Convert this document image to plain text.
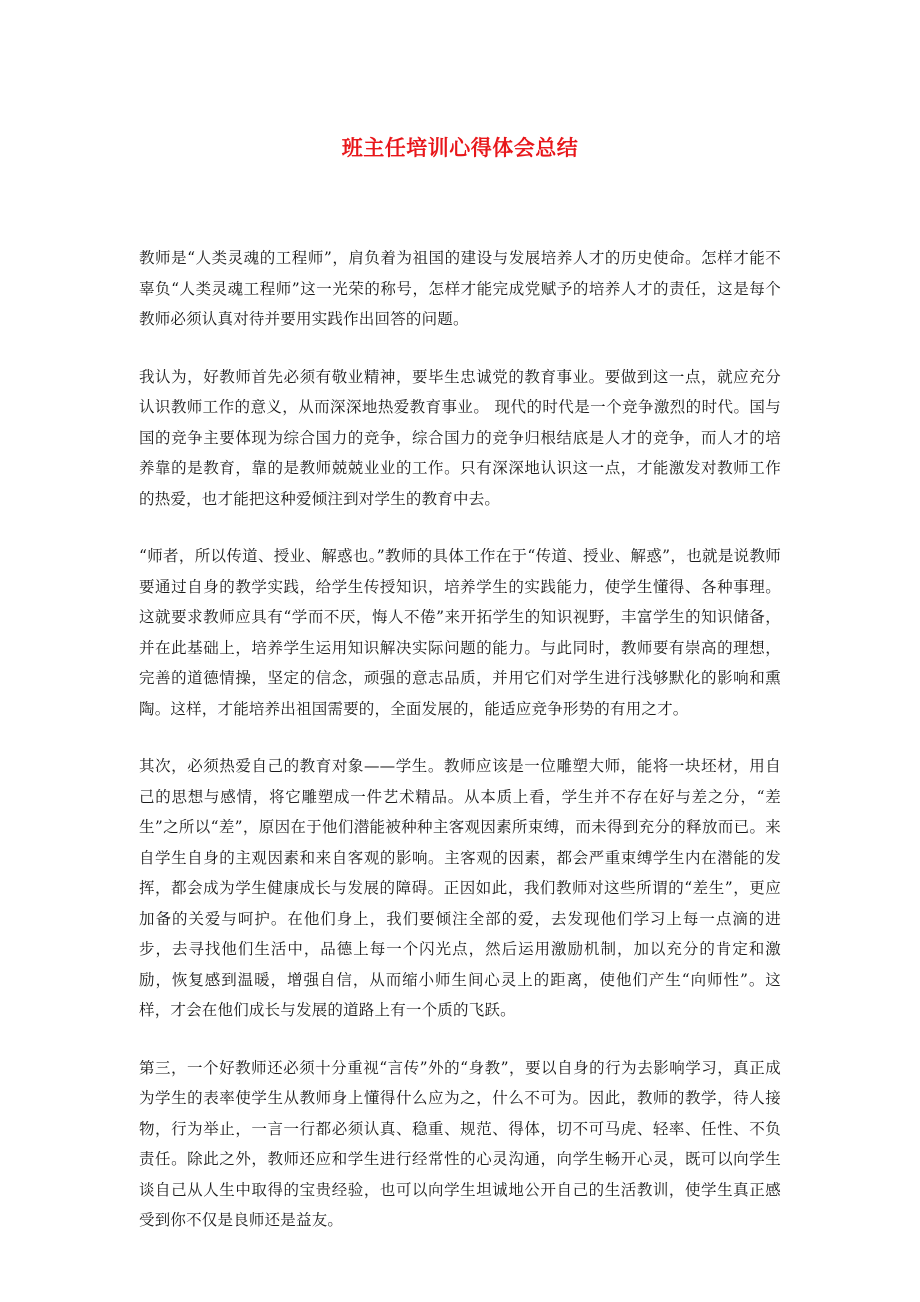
班主任培训心得体会总结

教师是“人类灵魂的工程师”，肩负着为祖国的建设与发展培养人才的历史使命。怎样才能不辜负“人类灵魂工程师”这一光荣的称号，怎样才能完成党赋予的培养人才的责任，这是每个教师必须认真对待并要用实践作出回答的问题。

我认为，好教师首先必须有敬业精神，要毕生忠诚党的教育事业。要做到这一点，就应充分认识教师工作的意义，从而深深地热爱教育事业。 现代的时代是一个竞争激烈的时代。国与国的竞争主要体现为综合国力的竞争，综合国力的竞争归根结底是人才的竞争，而人才的培养靠的是教育，靠的是教师兢兢业业的工作。只有深深地认识这一点，才能激发对教师工作的热爱，也才能把这种爱倾注到对学生的教育中去。

“师者，所以传道、授业、解惑也。”教师的具体工作在于“传道、授业、解惑”，也就是说教师要通过自身的教学实践，给学生传授知识，培养学生的实践能力，使学生懂得、各种事理。这就要求教师应具有“学而不厌，悔人不倦”来开拓学生的知识视野，丰富学生的知识储备，并在此基础上，培养学生运用知识解决实际问题的能力。与此同时，教师要有崇高的理想，完善的道德情操，坚定的信念，顽强的意志品质，并用它们对学生进行浅够默化的影响和熏陶。这样，才能培养出祖国需要的，全面发展的，能适应竞争形势的有用之才。

其次，必须热爱自己的教育对象——学生。教师应该是一位雕塑大师，能将一块坯材，用自己的思想与感情，将它雕塑成一件艺术精品。从本质上看，学生并不存在好与差之分，“差生”之所以“差”，原因在于他们潜能被种种主客观因素所束缚，而未得到充分的释放而已。来自学生自身的主观因素和来自客观的影响。主客观的因素，都会严重束缚学生内在潜能的发挥，都会成为学生健康成长与发展的障碍。正因如此，我们教师对这些所谓的“差生”，更应加备的关爱与呵护。在他们身上，我们要倾注全部的爱，去发现他们学习上每一点滴的进步，去寻找他们生活中，品德上每一个闪光点，然后运用激励机制，加以充分的肯定和激励，恢复感到温暖，增强自信，从而缩小师生间心灵上的距离，使他们产生“向师性”。这样，才会在他们成长与发展的道路上有一个质的飞跃。

第三，一个好教师还必须十分重视“言传”外的“身教”，要以自身的行为去影响学习，真正成为学生的表率使学生从教师身上懂得什么应为之，什么不可为。因此，教师的教学，待人接物，行为举止，一言一行都必须认真、稳重、规范、得体，切不可马虎、轻率、任性、不负责任。除此之外，教师还应和学生进行经常性的心灵沟通，向学生畅开心灵，既可以向学生谈自己从人生中取得的宝贵经验，也可以向学生坦诚地公开自己的生活教训，使学生真正感受到你不仅是良师还是益友。
